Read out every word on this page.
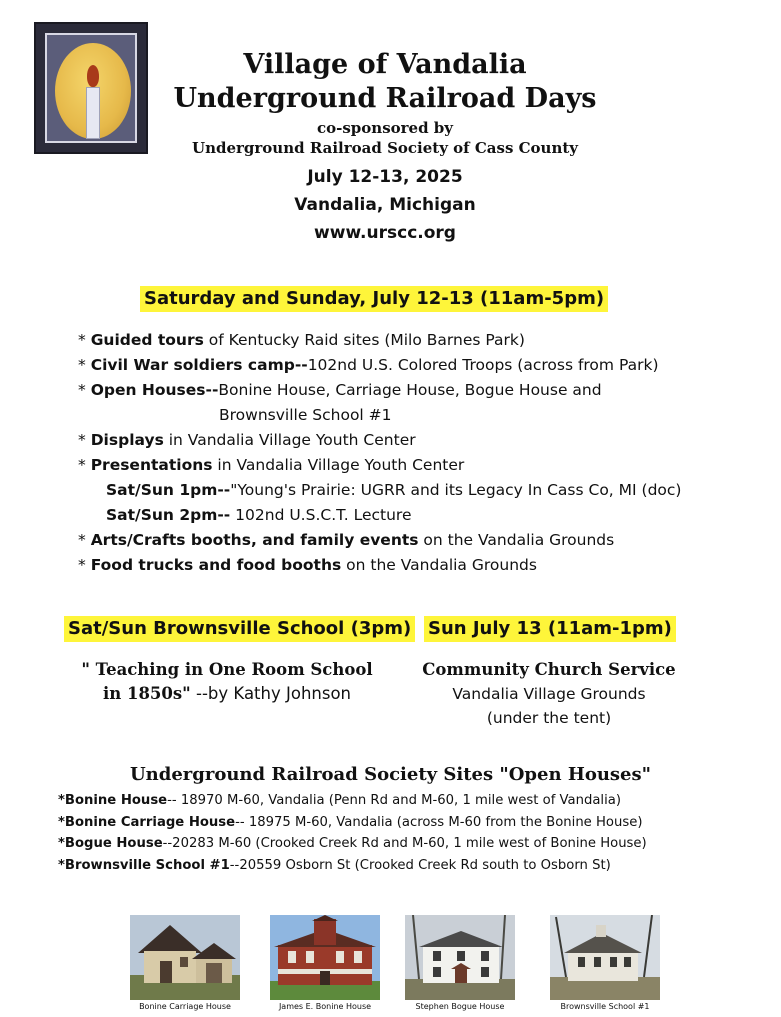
Village of Vandalia
Underground Railroad Days
co-sponsored by
Underground Railroad Society of Cass County
July 12-13, 2025
Vandalia, Michigan
www.urscc.org
Saturday and Sunday, July 12-13 (11am-5pm)
* Guided tours of Kentucky Raid sites (Milo Barnes Park)
* Civil War soldiers camp--102nd U.S. Colored Troops (across from Park)
* Open Houses--Bonine House, Carriage House, Bogue House and
Brownsville School #1
* Displays in Vandalia Village Youth Center
* Presentations in Vandalia Village Youth Center
Sat/Sun 1pm--"Young's Prairie: UGRR and its Legacy In Cass Co, MI (doc)
Sat/Sun 2pm-- 102nd U.S.C.T. Lecture
* Arts/Crafts booths, and family events on the Vandalia Grounds
* Food trucks and food booths on the Vandalia Grounds
Sat/Sun Brownsville School (3pm) Sun July 13 (11am-1pm)
" Teaching in One Room School
in 1850s" --by Kathy Johnson
Community Church Service
Vandalia Village Grounds
(under the tent)
Underground Railroad Society Sites "Open Houses"
*Bonine House-- 18970 M-60, Vandalia (Penn Rd and M-60, 1 mile west of Vandalia)
*Bonine Carriage House-- 18975 M-60, Vandalia (across M-60 from the Bonine House)
*Bogue House--20283 M-60 (Crooked Creek Rd and M-60, 1 mile west of Bonine House)
*Brownsville School #1--20559 Osborn St (Crooked Creek Rd south to Osborn St)
Bonine Carriage House	James E. Bonine House	Stephen Bogue House	Brownsville School #1
